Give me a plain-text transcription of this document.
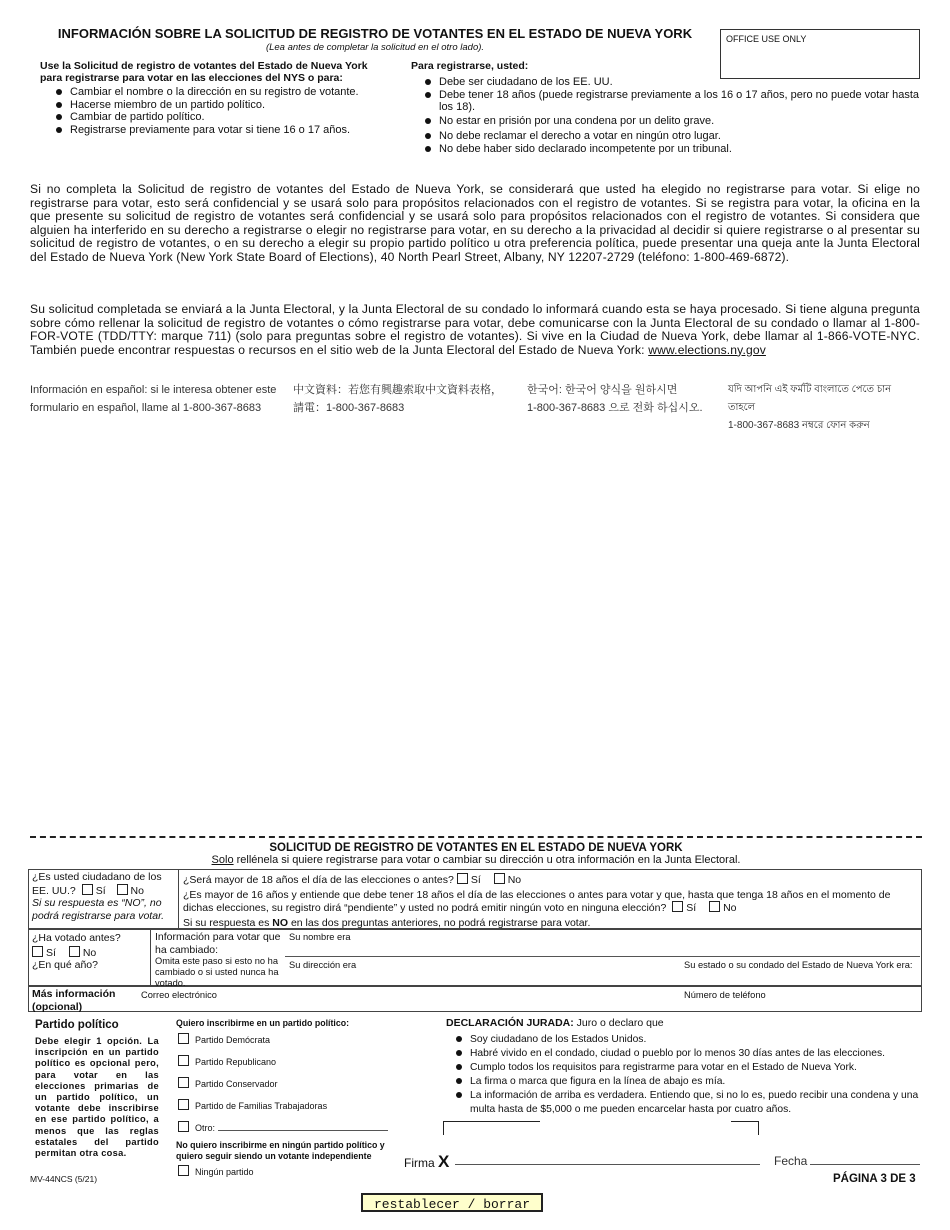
INFORMACIÓN SOBRE LA SOLICITUD DE REGISTRO DE VOTANTES EN EL ESTADO DE NUEVA YORK
(Lea antes de completar la solicitud en el otro lado).
OFFICE USE ONLY
Use la Solicitud de registro de votantes del Estado de Nueva York
para registrarse para votar en las elecciones del NYS o para:
Cambiar el nombre o la dirección en su registro de votante.
Hacerse miembro de un partido político.
Cambiar de partido político.
Registrarse previamente para votar si tiene 16 o 17 años.
Para registrarse, usted:
Debe ser ciudadano de los EE. UU.
Debe tener 18 años (puede registrarse previamente a los 16 o 17 años, pero no puede votar hasta los 18).
No estar en prisión por una condena por un delito grave.
No debe reclamar el derecho a votar en ningún otro lugar.
No debe haber sido declarado incompetente por un tribunal.
Si no completa la Solicitud de registro de votantes del Estado de Nueva York, se considerará que usted ha elegido no registrarse para votar. Si elige no registrarse para votar, esto será confidencial y se usará solo para propósitos relacionados con el registro de votantes. Si se registra para votar, la oficina en la que presente su solicitud de registro de votantes será confidencial y se usará solo para propósitos relacionados con el registro de votantes. Si considera que alguien ha interferido en su derecho a registrarse o elegir no registrarse para votar, en su derecho a la privacidad al decidir si quiere registrarse o al presentar su solicitud de registro de votantes, o en su derecho a elegir su propio partido político u otra preferencia política, puede presentar una queja ante la Junta Electoral del Estado de Nueva York (New York State Board of Elections), 40 North Pearl Street, Albany, NY 12207-2729 (teléfono: 1-800-469-6872).
Su solicitud completada se enviará a la Junta Electoral, y la Junta Electoral de su condado lo informará cuando esta se haya procesado. Si tiene alguna pregunta sobre cómo rellenar la solicitud de registro de votantes o cómo registrarse para votar, debe comunicarse con la Junta Electoral de su condado o llamar al 1-800-FOR-VOTE (TDD/TTY: marque 711) (solo para preguntas sobre el registro de votantes). Si vive en la Ciudad de Nueva York, debe llamar al 1-866-VOTE-NYC. También puede encontrar respuestas o recursos en el sitio web de la Junta Electoral del Estado de Nueva York: www.elections.ny.gov
Información en español: si le interesa obtener este
formulario en español, llame al 1-800-367-8683
中文資料：若您有興趣索取中文資料表格，
請電：1-800-367-8683
한국어: 한국어 양식을 원하시면
1-800-367-8683 으로 전화 하십시오.
যদি আপনি এই ফর্মটি বাংলাতে পেতে চান তাহলে
1-800-367-8683 নম্বরে ফোন করুন
SOLICITUD DE REGISTRO DE VOTANTES EN EL ESTADO DE NUEVA YORK
Solo rellénela si quiere registrarse para votar o cambiar su dirección u otra información en la Junta Electoral.
¿Es usted ciudadano de los
EE. UU.? Sí No
Si su respuesta es “NO”, no podrá registrarse para votar.
¿Será mayor de 18 años el día de las elecciones o antes? Sí	No
¿Es mayor de 16 años y entiende que debe tener 18 años el día de las elecciones o antes para votar y que, hasta que tenga 18 años en el momento de dichas elecciones, su registro dirá “pendiente” y usted no podrá emitir ningún voto en ninguna elección? Sí	No
Si su respuesta es NO en las dos preguntas anteriores, no podrá registrarse para votar.
¿Ha votado antes?
Sí	No
¿En qué año?
Información para votar que ha cambiado:
Omita este paso si esto no ha cambiado o si usted nunca ha votado.
Su nombre era
Su dirección era	Su estado o su condado del Estado de Nueva York era:
Más información
(opcional)
Correo electrónico	Número de teléfono
Partido político
Debe elegir 1 opción. La inscripción en un partido político es opcional pero, para votar en las elecciones primarias de un partido político, un votante debe inscribirse en ese partido político, a menos que las reglas estatales del partido permitan otra cosa.
Quiero inscribirme en un partido político:
Partido Demócrata
Partido Republicano
Partido Conservador
Partido de Familias Trabajadoras
Otro:
No quiero inscribirme en ningún partido político y quiero seguir siendo un votante independiente
Ningún partido
DECLARACIÓN JURADA: Juro o declaro que
Soy ciudadano de los Estados Unidos.
Habré vivido en el condado, ciudad o pueblo por lo menos 30 días antes de las elecciones.
Cumplo todos los requisitos para registrarme para votar en el Estado de Nueva York.
La firma o marca que figura en la línea de abajo es mía.
La información de arriba es verdadera. Entiendo que, si no lo es, puedo recibir una condena y una multa hasta de $5,000 o me pueden encarcelar hasta por cuatro años.
Firma X	Fecha
MV-44NCS (5/21)	PÁGINA 3 DE 3
restablecer / borrar
